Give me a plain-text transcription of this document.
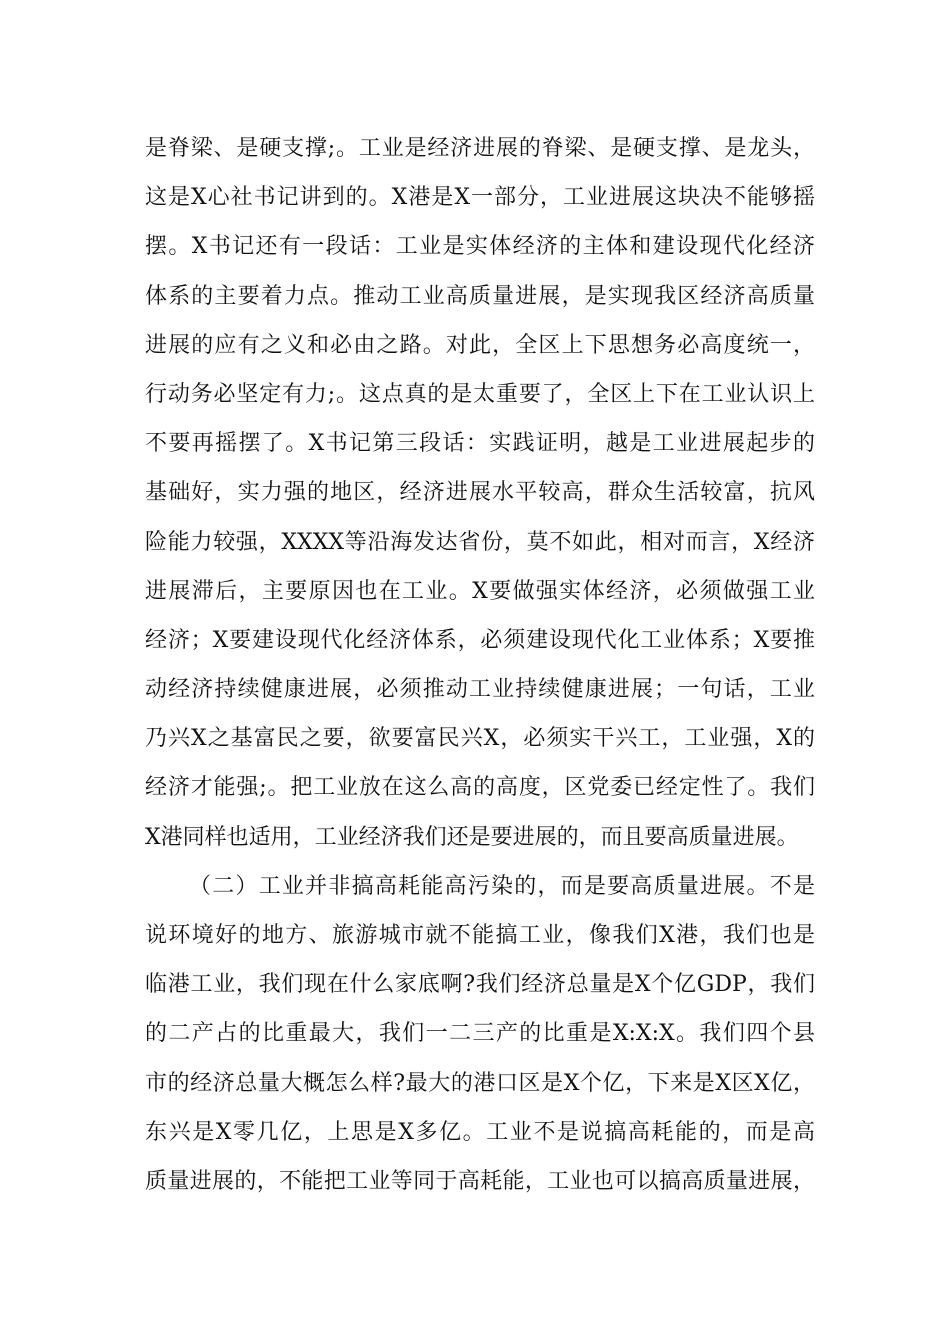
是脊梁、是硬支撑;。工业是经济进展的脊梁、是硬支撑、是龙头，
这是X心社书记讲到的。X港是X一部分，工业进展这块决不能够摇
摆。X书记还有一段话：工业是实体经济的主体和建设现代化经济
体系的主要着力点。推动工业高质量进展，是实现我区经济高质量
进展的应有之义和必由之路。对此，全区上下思想务必高度统一，
行动务必坚定有力;。这点真的是太重要了，全区上下在工业认识上
不要再摇摆了。X书记第三段话：实践证明，越是工业进展起步的
基础好，实力强的地区，经济进展水平较高，群众生活较富，抗风
险能力较强，XXXX等沿海发达省份，莫不如此，相对而言，X经济
进展滞后，主要原因也在工业。X要做强实体经济，必须做强工业
经济；X要建设现代化经济体系，必须建设现代化工业体系；X要推
动经济持续健康进展，必须推动工业持续健康进展；一句话，工业
乃兴X之基富民之要，欲要富民兴X，必须实干兴工，工业强，X的
经济才能强;。把工业放在这么高的高度，区党委已经定性了。我们
X港同样也适用，工业经济我们还是要进展的，而且要高质量进展。
（二）工业并非搞高耗能高污染的，而是要高质量进展。不是
说环境好的地方、旅游城市就不能搞工业，像我们X港，我们也是
临港工业，我们现在什么家底啊?我们经济总量是X个亿GDP，我们
的二产占的比重最大，我们一二三产的比重是X:X:X。我们四个县
市的经济总量大概怎么样?最大的港口区是X个亿，下来是X区X亿，
东兴是X零几亿，上思是X多亿。工业不是说搞高耗能的，而是高
质量进展的，不能把工业等同于高耗能，工业也可以搞高质量进展，
